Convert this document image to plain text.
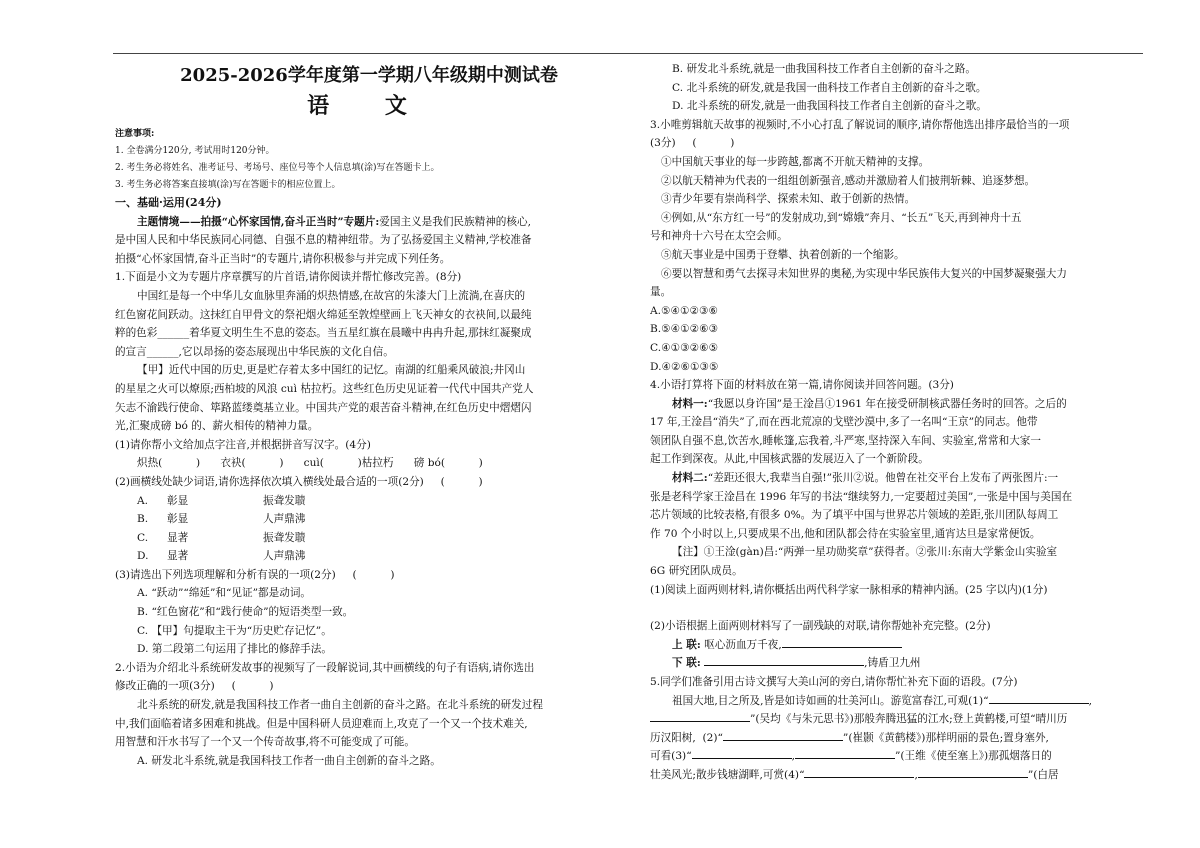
2025-2026学年度第一学期八年级期中测试卷
语 文
注意事项:
1. 全卷满分120分, 考试用时120分钟。
2. 考生务必将姓名、准考证号、考场号、座位号等个人信息填(涂)写在答题卡上。
3. 考生务必将答案直接填(涂)写在答题卡的相应位置上。
一、基础·运用(24分)
主题情境——拍摄“心怀家国情,奋斗正当时”专题片:爱国主义是我们民族精神的核心,
是中国人民和中华民族同心同德、自强不息的精神纽带。为了弘扬爱国主义精神,学校准备
拍摄“心怀家国情,奋斗正当时”的专题片,请你积极参与并完成下列任务。
1.下面是小文为专题片序章撰写的片首语,请你阅读并帮忙修改完善。(8分)
中国红是每一个中华儿女血脉里奔涌的炽热情感,在故宫的朱漆大门上流淌,在喜庆的
红色窗花间跃动。这抹红自甲骨文的祭祀烟火绵延至敦煌壁画上飞天神女的衣袂间,以最纯
粹的色彩______着华夏文明生生不息的姿态。当五星红旗在晨曦中冉冉升起,那抹红凝聚成
的宣言______,它以昂扬的姿态展现出中华民族的文化自信。
【甲】近代中国的历史,更是贮存着太多中国红的记忆。南湖的红船乘风破浪;井冈山
的星星之火可以燎原;西柏坡的风浪 cuì 枯拉朽。这些红色历史见证着一代代中国共产党人
矢志不渝践行使命、筚路蓝缕奠基立业。中国共产党的艰苦奋斗精神,在红色历史中熠熠闪
光,汇聚成磅 bó 的、薪火相传的精神力量。
(1)请你帮小文给加点字注音,并根据拼音写汉字。(4分)
炽热(          )      衣袂(          )      cuì(          )枯拉朽      磅 bó(          )
(2)画横线处缺少词语,请你选择依次填入横线处最合适的一项(2分)     (          )
A. 彰显	振聋发聩
B. 彰显	人声鼎沸
C. 显著	振聋发聩
D. 显著	人声鼎沸
(3)请选出下列选项理解和分析有误的一项(2分)     (          )
A. “跃动”“绵延”和“见证”都是动词。
B. “红色窗花”和“践行使命”的短语类型一致。
C. 【甲】句提取主干为“历史贮存记忆”。
D. 第二段第二句运用了排比的修辞手法。
2.小语为介绍北斗系统研发故事的视频写了一段解说词,其中画横线的句子有语病,请你选出
修改正确的一项(3分)     (          )
北斗系统的研发,就是我国科技工作者一曲自主创新的奋斗之路。在北斗系统的研发过程
中,我们面临着诸多困难和挑战。但是中国科研人员迎难而上,攻克了一个又一个技术难关,
用智慧和汗水书写了一个又一个传奇故事,将不可能变成了可能。
A. 研发北斗系统,就是我国科技工作者一曲自主创新的奋斗之路。
B. 研发北斗系统,就是一曲我国科技工作者自主创新的奋斗之路。
C. 北斗系统的研发,就是我国一曲科技工作者自主创新的奋斗之歌。
D. 北斗系统的研发,就是一曲我国科技工作者自主创新的奋斗之歌。
3.小唯剪辑航天故事的视频时,不小心打乱了解说词的顺序,请你帮他选出排序最恰当的一项
(3分)     (          )
①中国航天事业的每一步跨越,都离不开航天精神的支撑。
②以航天精神为代表的一组组创新强音,感动并激励着人们披荆斩棘、追逐梦想。
③青少年要有崇尚科学、探索未知、敢于创新的热情。
④例如,从“东方红一号”的发射成功,到“嫦娥”奔月、“长五”飞天,再到神舟十五
号和神舟十六号在太空会师。
⑤航天事业是中国勇于登攀、执着创新的一个缩影。
⑥要以智慧和勇气去探寻未知世界的奥秘,为实现中华民族伟大复兴的中国梦凝聚强大力
量。
A.⑤④①②③⑥
B.⑤④①②⑥③
C.④①③②⑥⑤
D.④②⑥①③⑤
4.小语打算将下面的材料放在第一篇,请你阅读并回答问题。(3分)
材料一:“我愿以身许国”是王淦昌①1961 年在接受研制核武器任务时的回答。之后的
17 年,王淦昌“消失”了,而在西北荒凉的戈壁沙漠中,多了一名叫“王京”的同志。他带
领团队自强不息,饮苦水,睡帐篷,忘我着,斗严寒,坚持深入车间、实验室,常常和大家一
起工作到深夜。从此,中国核武器的发展迈入了一个新阶段。
材料二:“差距还很大,我辈当自强!”张川②说。他曾在社交平台上发布了两张图片:一
张是老科学家王淦昌在 1996 年写的书法“继续努力,一定要超过美国”,一张是中国与美国在
芯片领域的比较表格,有很多 0%。为了填平中国与世界芯片领域的差距,张川团队每周工
作 70 个小时以上,只要成果不出,他和团队都会待在实验室里,通宵达旦是家常便饭。
【注】①王淦(gàn)昌:“两弹一星功勋奖章”获得者。②张川:东南大学紫金山实验室
6G 研究团队成员。
(1)阅读上面两则材料,请你概括出两代科学家一脉相承的精神内涵。(25 字以内)(1分)
(2)小语根据上面两则材料写了一副残缺的对联,请你帮她补充完整。(2分)
上 联: 呕心沥血万千夜,
下 联:	,铸盾卫九州
5.同学们准备引用古诗文撰写大美山河的旁白,请你帮忙补充下面的语段。(7分)
祖国大地,目之所及,皆是如诗如画的壮美河山。游览富春江,可观(1)“	,
”(吴均《与朱元思书》)那般奔腾迅猛的江水;登上黄鹤楼,可望“晴川历
历汉阳树,  (2)“	”(崔颢《黄鹤楼》)那样明丽的景色;置身塞外,
可看(3)“	,	”(王维《使至塞上》)那孤烟落日的
壮美风光;散步钱塘湖畔,可赏(4)“	,	”(白居
